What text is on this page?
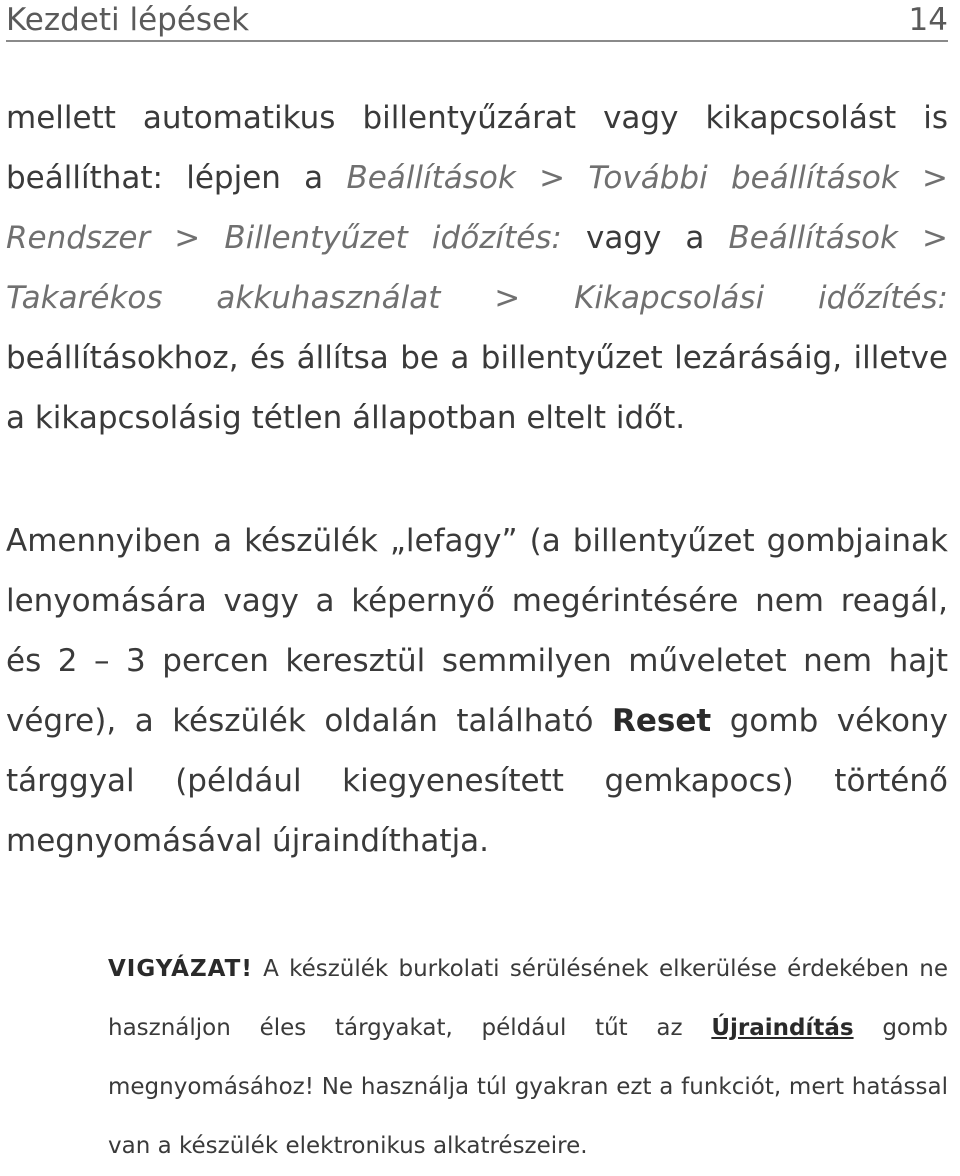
Kezdeti lépések	14
mellett automatikus billentyűzárat vagy kikapcsolást is beállíthat: lépjen a Beállítások > További beállítások > Rendszer > Billentyűzet időzítés: vagy a Beállítások > Takarékos akkuhasználat > Kikapcsolási időzítés: beállításokhoz, és állítsa be a billentyűzet lezárásáig, illetve a kikapcsolásig tétlen állapotban eltelt időt.
Amennyiben a készülék „lefagy” (a billentyűzet gombjainak lenyomására vagy a képernyő megérintésére nem reagál, és 2 – 3 percen keresztül semmilyen műveletet nem hajt végre), a készülék oldalán található Reset gomb vékony tárggyal (például kiegyenesített gemkapocs) történő megnyomásával újraindíthatja.
VIGYÁZAT! A készülék burkolati sérülésének elkerülése érdekében ne használjon éles tárgyakat, például tűt az Újraindítás gomb megnyomásához! Ne használja túl gyakran ezt a funkciót, mert hatással van a készülék elektronikus alkatrészeire.
